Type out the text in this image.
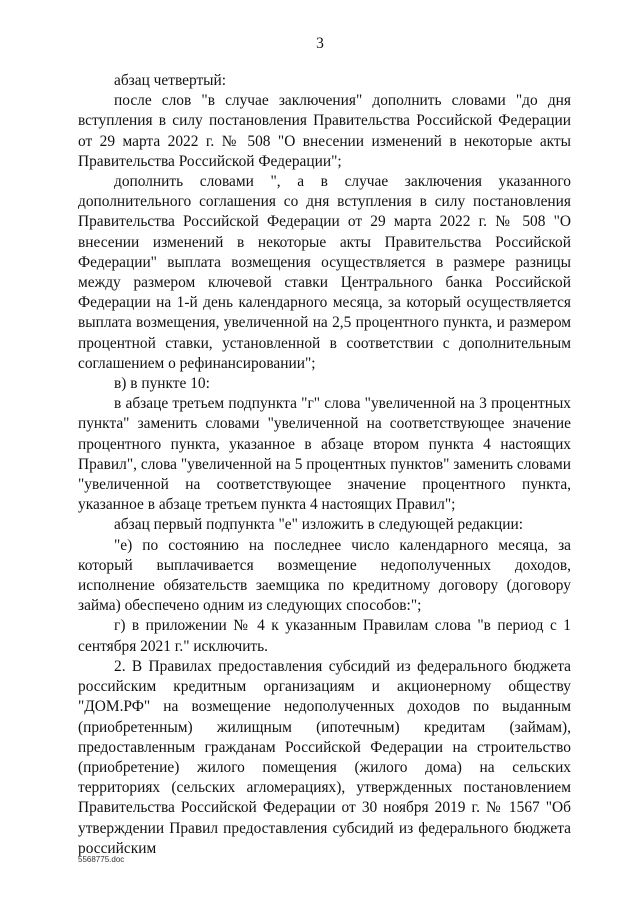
3

абзац четвертый:

после слов "в случае заключения" дополнить словами "до дня вступления в силу постановления Правительства Российской Федерации от 29 марта 2022 г. № 508 "О внесении изменений в некоторые акты Правительства Российской Федерации";

дополнить словами ", а в случае заключения указанного дополнительного соглашения со дня вступления в силу постановления Правительства Российской Федерации от 29 марта 2022 г. № 508 "О внесении изменений в некоторые акты Правительства Российской Федерации" выплата возмещения осуществляется в размере разницы между размером ключевой ставки Центрального банка Российской Федерации на 1-й день календарного месяца, за который осуществляется выплата возмещения, увеличенной на 2,5 процентного пункта, и размером процентной ставки, установленной в соответствии с дополнительным соглашением о рефинансировании";

в) в пункте 10:

в абзаце третьем подпункта "г" слова "увеличенной на 3 процентных пункта" заменить словами "увеличенной на соответствующее значение процентного пункта, указанное в абзаце втором пункта 4 настоящих Правил", слова "увеличенной на 5 процентных пунктов" заменить словами "увеличенной на соответствующее значение процентного пункта, указанное в абзаце третьем пункта 4 настоящих Правил";

абзац первый подпункта "е" изложить в следующей редакции:

"е) по состоянию на последнее число календарного месяца, за который выплачивается возмещение недополученных доходов, исполнение обязательств заемщика по кредитному договору (договору займа) обеспечено одним из следующих способов:";

г) в приложении № 4 к указанным Правилам слова "в период с 1 сентября 2021 г." исключить.

2. В Правилах предоставления субсидий из федерального бюджета российским кредитным организациям и акционерному обществу "ДОМ.РФ" на возмещение недополученных доходов по выданным (приобретенным) жилищным (ипотечным) кредитам (займам), предоставленным гражданам Российской Федерации на строительство (приобретение) жилого помещения (жилого дома) на сельских территориях (сельских агломерациях), утвержденных постановлением Правительства Российской Федерации от 30 ноября 2019 г. № 1567 "Об утверждении Правил предоставления субсидий из федерального бюджета российским

5568775.doc
